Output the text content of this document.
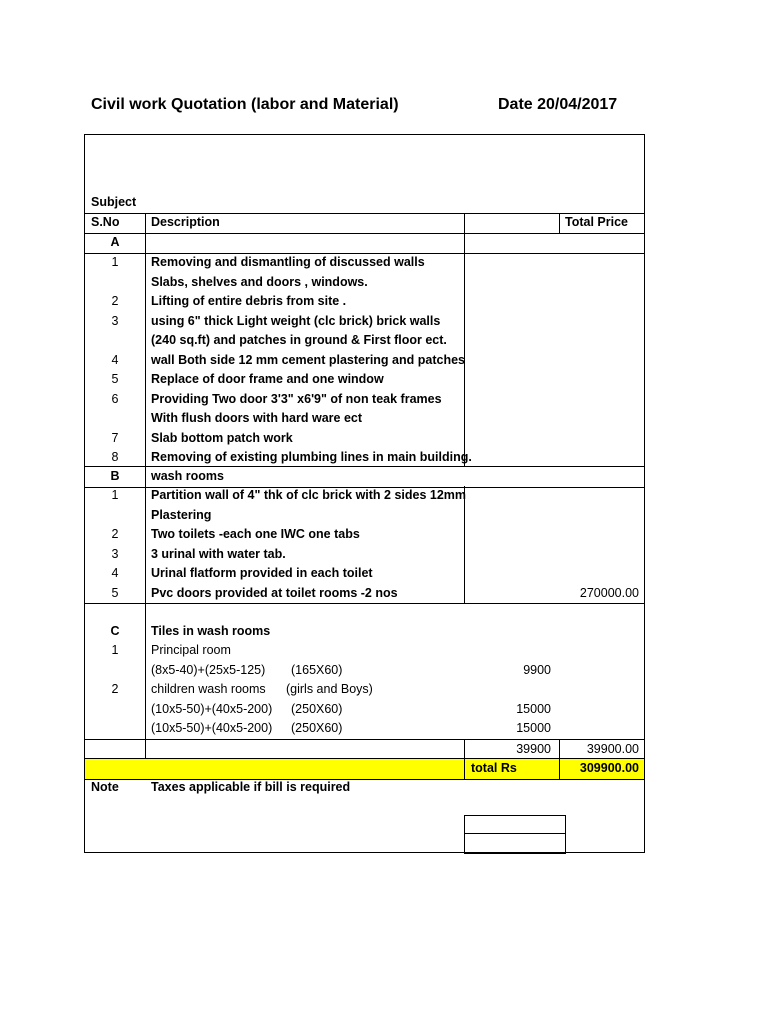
Civil work Quotation (labor and Material)	Date 20/04/2017
Subject
S.No	Description	Total Price
A
1	Removing and dismantling of discussed walls
Slabs, shelves and doors , windows.
2	Lifting of entire debris from site .
3	using 6" thick Light weight (clc brick) brick walls
(240 sq.ft) and patches in ground & First floor ect.
4	wall Both side 12 mm cement plastering and patches
5	Replace of door frame and one window
6	Providing Two door 3'3" x6'9" of non teak frames
With flush doors with hard ware ect
7	Slab bottom patch work
8	Removing of existing plumbing lines in main building.
B	wash rooms
1	Partition wall of 4" thk of clc brick with 2 sides 12mm
Plastering
2	Two toilets -each one IWC one tabs
3	3 urinal with water tab.
4	Urinal flatform provided in each toilet
5	Pvc doors provided at toilet rooms -2 nos	270000.00
C	Tiles in wash rooms
1	Principal room
(8x5-40)+(25x5-125) (165X60)	9900
2	children wash rooms (girls and Boys)
(10x5-50)+(40x5-200) (250X60)	15000
(10x5-50)+(40x5-200) (250X60)	15000
39900	39900.00
total Rs	309900.00
Note	Taxes applicable if bill is required
